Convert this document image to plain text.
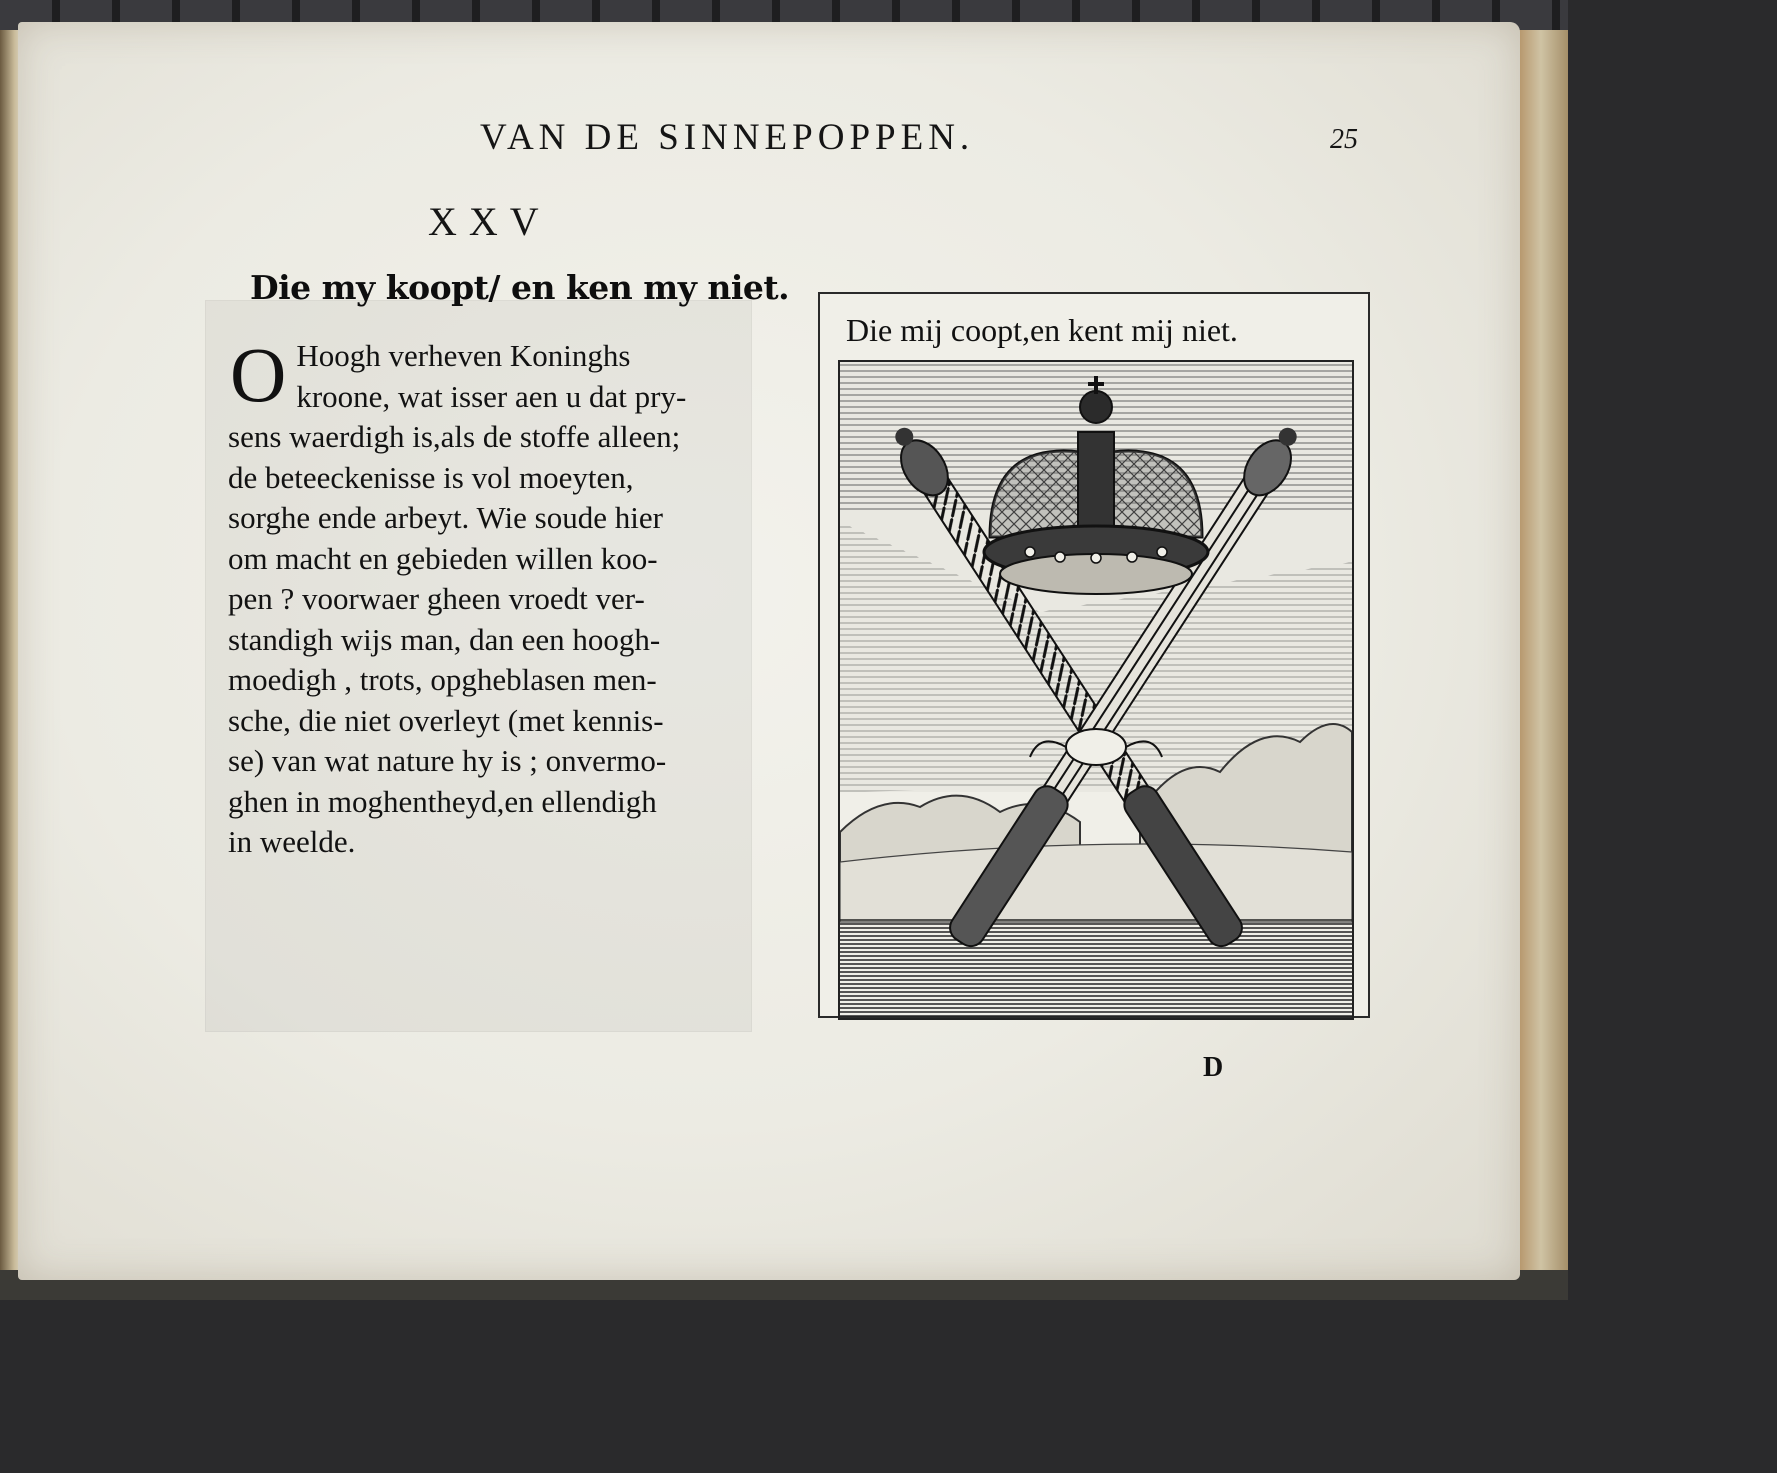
VAN DE SINNEPOPPEN.	25
XXV
Die my koopt/ en ken my niet.
O Hoogh verheven Koninghs
kroone, wat isser aen u dat pry-
sens waerdigh is,als de stoffe alleen;
de beteeckenisse is vol moeyten,
sorghe ende arbeyt. Wie soude hier
om macht en gebieden willen koo-
pen ? voorwaer gheen vroedt ver-
standigh wijs man, dan een hoogh-
moedigh , trots, opgheblasen men-
sche, die niet overleyt (met kennis-
se) van wat nature hy is ; onvermo-
ghen in moghentheyd,en ellendigh
in weelde.
Die mij coopt,en kent mij niet.
D
